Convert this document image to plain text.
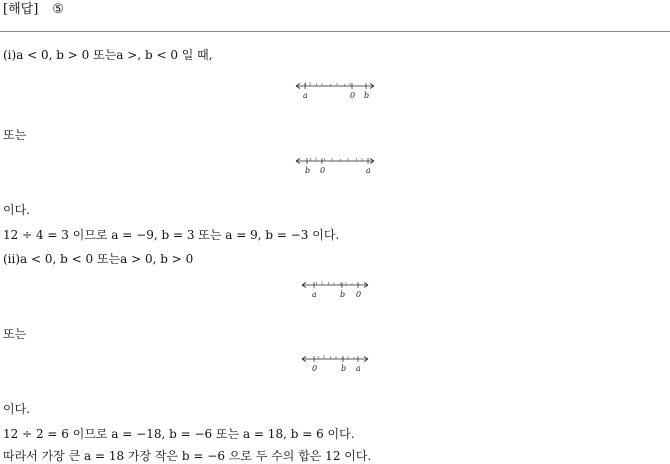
[해답] ⑤
(ⅰ)a < 0, b > 0 또는a >, b < 0 일 때,
a	0 b
또는
b 0	a
이다.
12 ÷ 4 = 3 이므로 a = −9, b = 3 또는 a = 9, b = −3 이다.
(ⅱ)a < 0, b < 0 또는a > 0, b > 0
a	b 0
또는
0	b a
이다.
12 ÷ 2 = 6 이므로 a = −18, b = −6 또는 a = 18, b = 6 이다.
따라서 가장 큰 a = 18 가장 작은 b = −6 으로 두 수의 합은 12 이다.
